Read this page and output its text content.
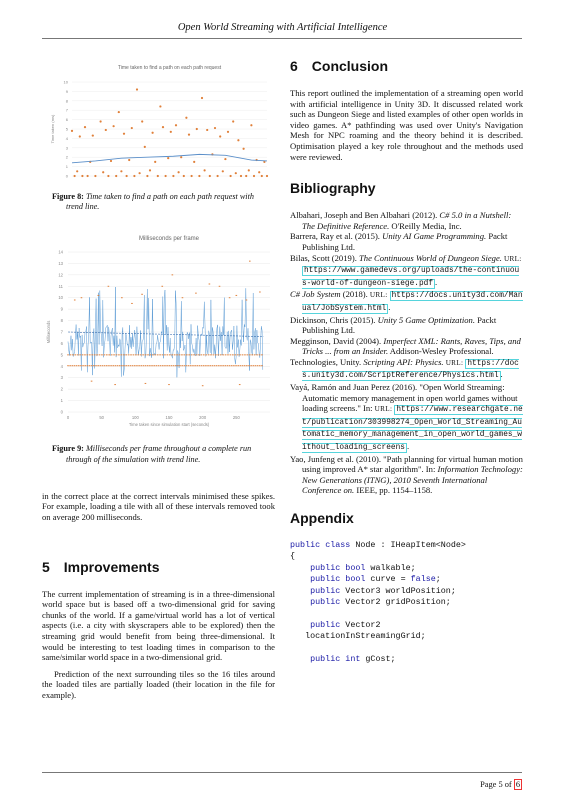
Open World Streaming with Artificial Intelligence
Time taken to find a path on each path request
0
1
2
3
4
5
6
7
8
9
10
Time taken (ms)
Figure 8: Time taken to find a path on each path request with trend line.
Milliseconds per frame
0
1
2
3
4
5
6
7
8
9
10
11
12
13
14
0	50	100	150	200	250
Time taken since simulation start (seconds)
Milliseconds
Figure 9: Milliseconds per frame throughout a complete run through of the simulation with trend line.

in the correct place at the correct intervals minimised these spikes. For example, loading a tile with all of these intervals removed took on average 200 milliseconds.

5 Improvements

The current implementation of streaming is in a three-dimensional world space but is based off a two-dimensional grid for saving chunks of the world. If a game/virtual world has a lot of vertical aspects (i.e. a city with skyscrapers able to be explored) then the streaming grid would benefit from being three-dimensional. It would be interesting to test loading times in comparison to the same/similar world space in a two-dimensional grid.

Prediction of the next surrounding tiles so the 16 tiles around the loaded tiles are partially loaded (their location in the file for example).

6 Conclusion

This report outlined the implementation of a streaming open world with artificial intelligence in Unity 3D. It discussed related work such as Dungeon Siege and listed examples of other open worlds in video games. A* pathfinding was used over Unity's Navigation Mesh for NPC roaming and the theory behind it is described. Optimisation played a key role throughout and the methods used were reviewed.

Bibliography
Albahari, Joseph and Ben Albahari (2012). C# 5.0 in a Nutshell: The Definitive Reference. O'Reilly Media, Inc.
Barrera, Ray et al. (2015). Unity AI Game Programming. Packt Publishing Ltd.
Bilas, Scott (2019). The Continuous World of Dungeon Siege. URL: https://www.gamedevs.org/uploads/the-continuous-world-of-dungeon-siege.pdf .
C# Job System (2018). URL: https://docs.unity3d.com/Manual/JobSystem.html .
Dickinson, Chris (2015). Unity 5 Game Optimization. Packt Publishing Ltd.
Megginson, David (2004). Imperfect XML: Rants, Raves, Tips, and Tricks ... from an Insider. Addison-Wesley Professional.
Technologies, Unity. Scripting API: Physics. URL: https://docs.unity3d.com/ScriptReference/Physics.html .
Vayá, Ramón and Juan Perez (2016). "Open World Streaming: Automatic memory management in open world games without loading screens." In: URL: https://www.researchgate.net/publication/303998274_Open_World_Streaming_Automatic_memory_management_in_open_world_games_without_loading_screens .
Yao, Junfeng et al. (2010). "Path planning for virtual human motion using improved A* star algorithm". In: Information Technology: New Generations (ITNG), 2010 Seventh International Conference on. IEEE, pp. 1154–1158.
Appendix
public class Node : IHeapItem<Node>
{
public bool walkable;
public bool curve = false;
public Vector3 worldPosition;
public Vector2 gridPosition;

public Vector2
locationInStreamingGrid;

public int gCost;
Page 5 of 6
